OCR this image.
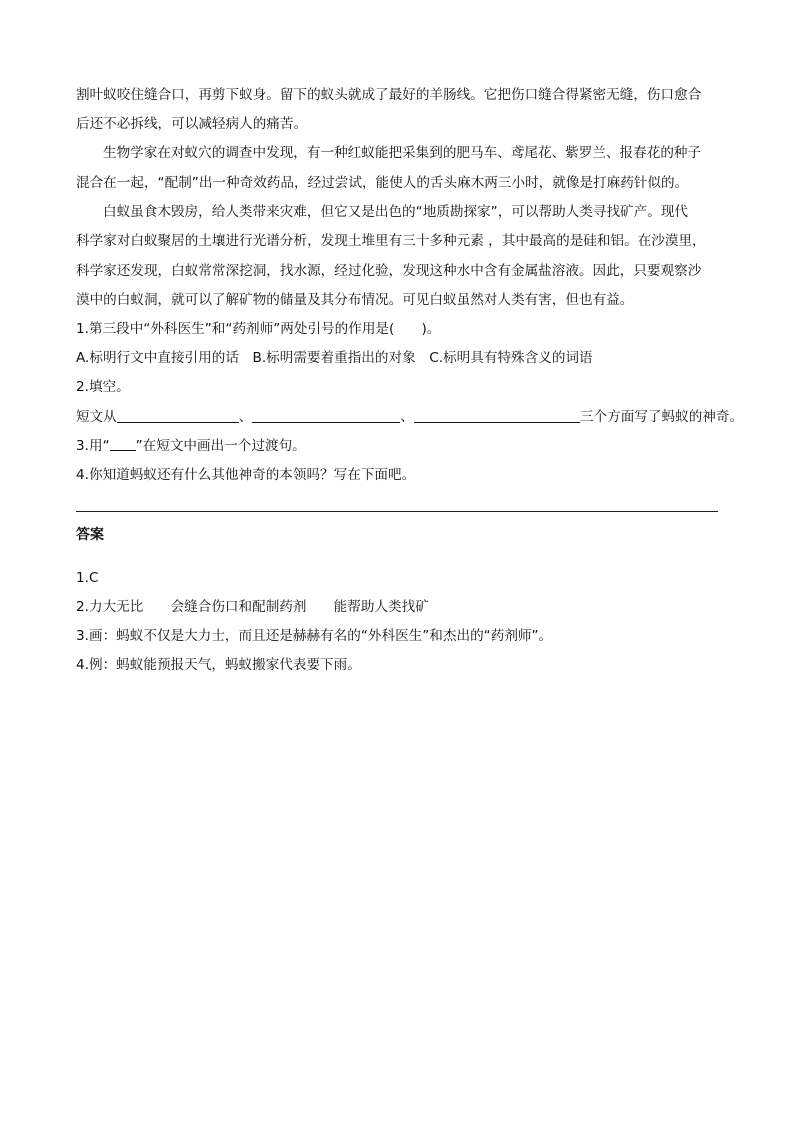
割叶蚁咬住缝合口，再剪下蚁身。留下的蚁头就成了最好的羊肠线。它把伤口缝合得紧密无缝，伤口愈合
后还不必拆线，可以减轻病人的痛苦。
生物学家在对蚁穴的调查中发现，有一种红蚁能把采集到的肥马车、鸢尾花、紫罗兰、报春花的种子
混合在一起，“配制”出一种奇效药品，经过尝试，能使人的舌头麻木两三小时，就像是打麻药针似的。
白蚁虽食木毁房，给人类带来灾难，但它又是出色的“地质勘探家”，可以帮助人类寻找矿产。现代
科学家对白蚁聚居的土壤进行光谱分析，发现土堆里有三十多种元素 ，其中最高的是硅和铝。在沙漠里，
科学家还发现，白蚁常常深挖洞，找水源，经过化验，发现这种水中含有金属盐溶液。因此，只要观察沙
漠中的白蚁洞，就可以了解矿物的储量及其分布情况。可见白蚁虽然对人类有害，但也有益。
1.第三段中“外科医生”和“药剂师”两处引号的作用是(　　)。
A.标明行文中直接引用的话　B.标明需要着重指出的对象　C.标明具有特殊含义的词语
2.填空。
短文从	、	、	三个方面写了蚂蚁的神奇。
3.用“ ”在短文中画出一个过渡句。
4.你知道蚂蚁还有什么其他神奇的本领吗？写在下面吧。
答案
1.C
2.力大无比　　会缝合伤口和配制药剂　　能帮助人类找矿
3.画：蚂蚁不仅是大力士，而且还是赫赫有名的“外科医生”和杰出的“药剂师”。
4.例：蚂蚁能预报天气，蚂蚁搬家代表要下雨。
